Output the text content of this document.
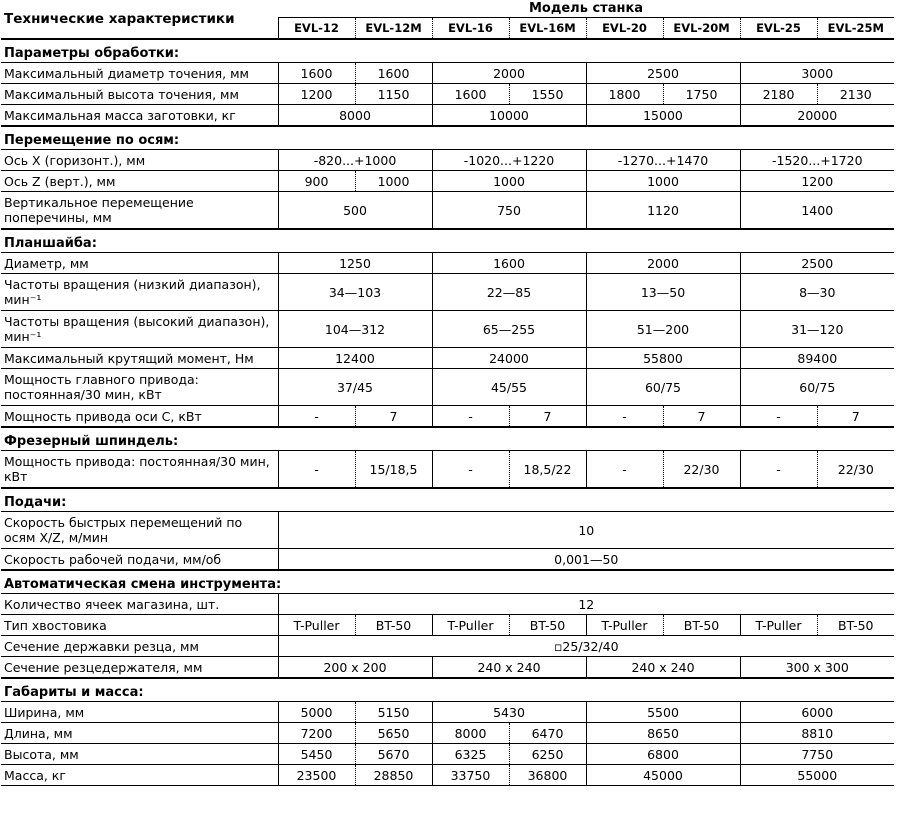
Технические характеристики	Модель станка							
	EVL-12	EVL-12M	EVL-16	EVL-16M	EVL-20	EVL-20M	EVL-25	EVL-25M
Параметры обработки:								
Максимальный диаметр точения, мм	1600	1600	2000		2500		3000	
Максимальный высота точения, мм	1200	1150	1600	1550	1800	1750	2180	2130
Максимальная масса заготовки, кг	8000		10000		15000		20000	
Перемещение по осям:								
Ось X (горизонт.), мм	-820...+1000		-1020...+1220		-1270...+1470		-1520...+1720	
Ось Z (верт.), мм	900	1000	1000		1000		1200	
Вертикальное перемещение поперечины, мм	500		750		1120		1400	
Планшайба:								
Диаметр, мм	1250		1600		2000		2500	
Частоты вращения (низкий диапазон), мин⁻¹	34—103		22—85		13—50		8—30	
Частоты вращения (высокий диапазон), мин⁻¹	104—312		65—255		51—200		31—120	
Максимальный крутящий момент, Нм	12400		24000		55800		89400	
Мощность главного привода: постоянная/30 мин, кВт	37/45		45/55		60/75		60/75	
Мощность привода оси С, кВт	-	7	-	7	-	7	-	7
Фрезерный шпиндель:								
Мощность привода: постоянная/30 мин, кВт	-	15/18,5	-	18,5/22	-	22/30	-	22/30
Подачи:								
Скорость быстрых перемещений по осям X/Z, м/мин	10							
Скорость рабочей подачи, мм/об	0,001—50							
Автоматическая смена инструмента:								
Количество ячеек магазина, шт.	12							
Тип хвостовика	T-Puller	BT-50	T-Puller	BT-50	T-Puller	BT-50	T-Puller	BT-50
Сечение державки резца, мм	▫25/32/40							
Сечение резцедержателя, мм	200 x 200		240 x 240		240 x 240		300 x 300	
Габариты и масса:								
Ширина, мм	5000	5150	5430		5500		6000	
Длина, мм	7200	5650	8000	6470	8650		8810	
Высота, мм	5450	5670	6325	6250	6800		7750	
Масса, кг	23500	28850	33750	36800	45000		55000	
